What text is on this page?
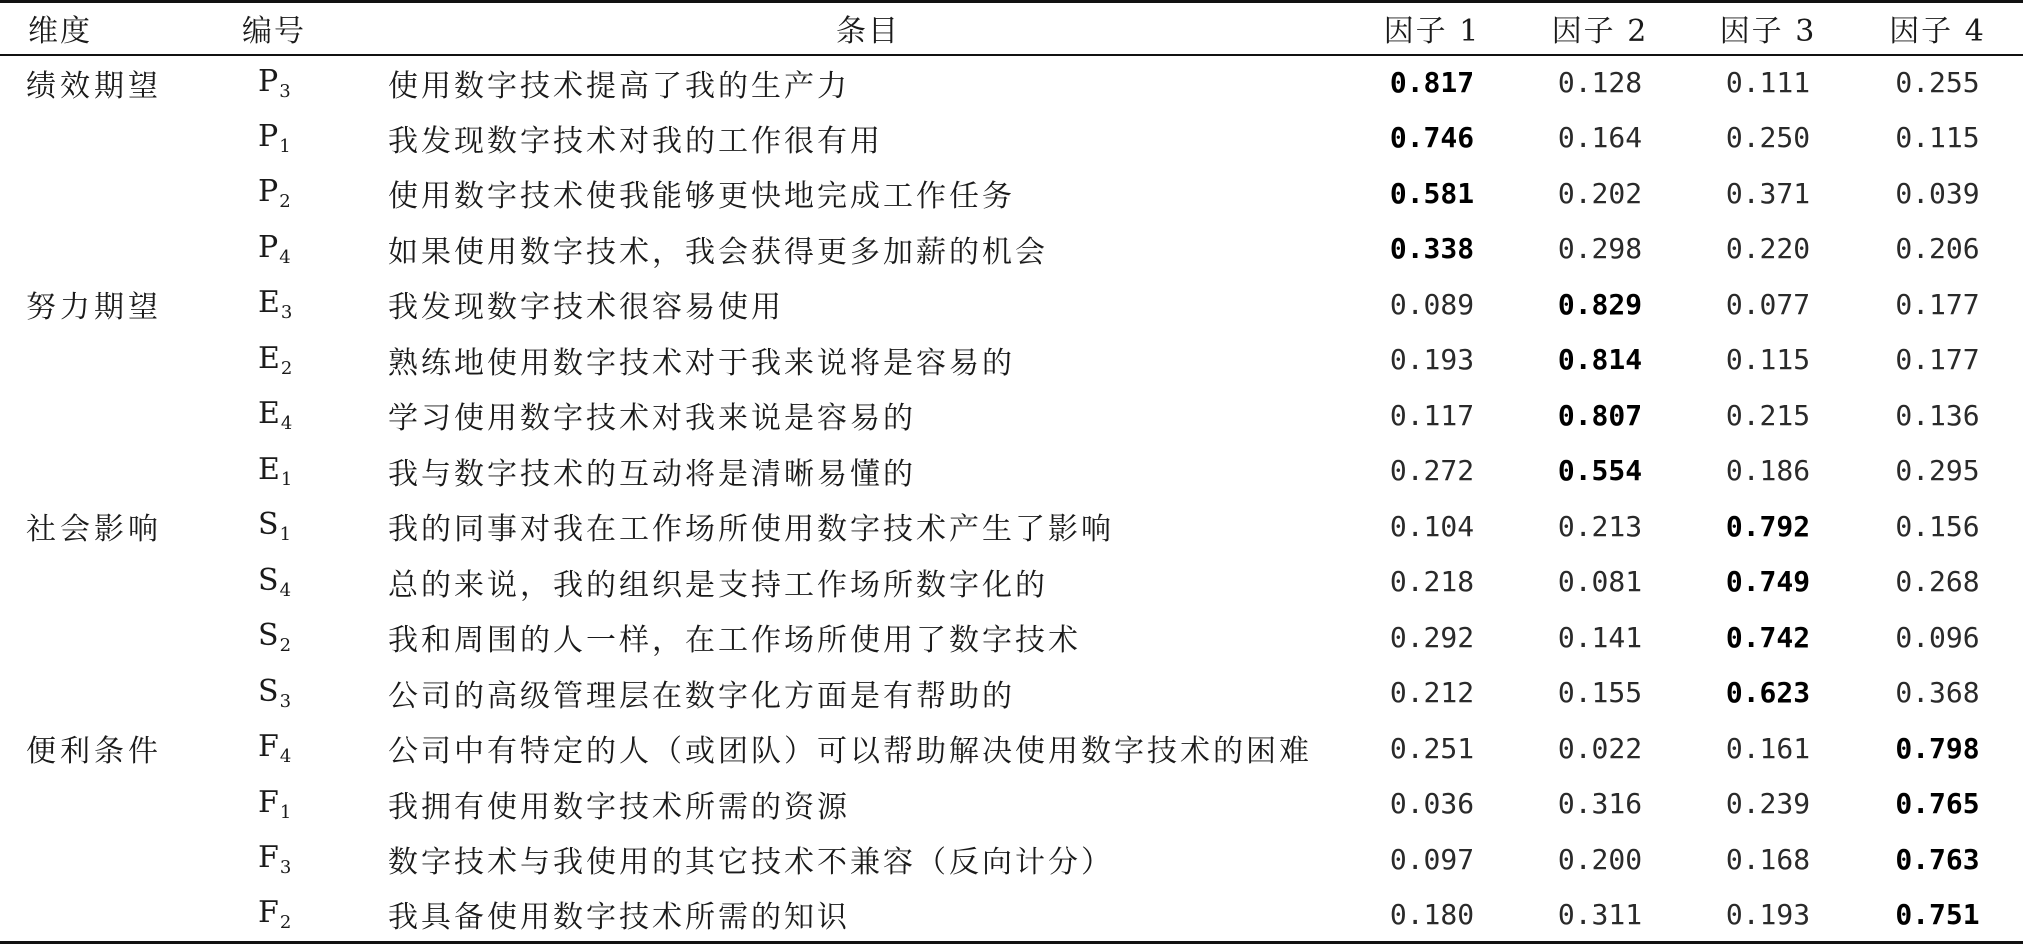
维度	编号	条目	因子 1	因子 2	因子 3	因子 4
绩效期望	$P_3$	使用数字技术提高了我的生产力	0.817	0.128	0.111	0.255
	$P_1$	我发现数字技术对我的工作很有用	0.746	0.164	0.250	0.115
	$P_2$	使用数字技术使我能够更快地完成工作任务	0.581	0.202	0.371	0.039
	$P_4$	如果使用数字技术，我会获得更多加薪的机会	0.338	0.298	0.220	0.206
努力期望	$E_3$	我发现数字技术很容易使用	0.089	0.829	0.077	0.177
	$E_2$	熟练地使用数字技术对于我来说将是容易的	0.193	0.814	0.115	0.177
	$E_4$	学习使用数字技术对我来说是容易的	0.117	0.807	0.215	0.136
	$E_1$	我与数字技术的互动将是清晰易懂的	0.272	0.554	0.186	0.295
社会影响	$S_1$	我的同事对我在工作场所使用数字技术产生了影响	0.104	0.213	0.792	0.156
	$S_4$	总的来说，我的组织是支持工作场所数字化的	0.218	0.081	0.749	0.268
	$S_2$	我和周围的人一样，在工作场所使用了数字技术	0.292	0.141	0.742	0.096
	$S_3$	公司的高级管理层在数字化方面是有帮助的	0.212	0.155	0.623	0.368
便利条件	$F_4$	公司中有特定的人（或团队）可以帮助解决使用数字技术的困难	0.251	0.022	0.161	0.798
	$F_1$	我拥有使用数字技术所需的资源	0.036	0.316	0.239	0.765
	$F_3$	数字技术与我使用的其它技术不兼容（反向计分）	0.097	0.200	0.168	0.763
	$F_2$	我具备使用数字技术所需的知识	0.180	0.311	0.193	0.751
